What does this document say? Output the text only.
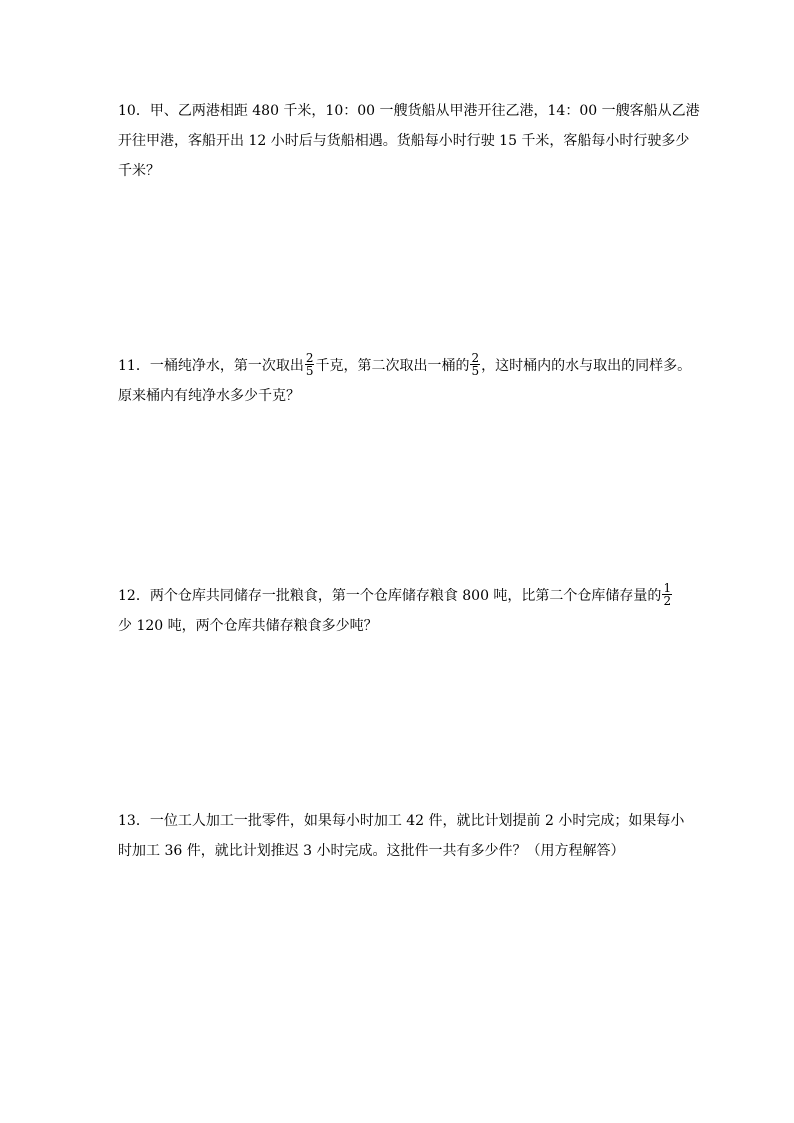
10．甲、乙两港相距 480 千米，10：00 一艘货船从甲港开往乙港，14：00 一艘客船从乙港
开往甲港，客船开出 12 小时后与货船相遇。货船每小时行驶 15 千米，客船每小时行驶多少
千米？
11．一桶纯净水，第一次取出 $\frac{2}{5}$ 千克，第二次取出一桶的 $\frac{2}{5}$ ，这时桶内的水与取出的同样多。
原来桶内有纯净水多少千克？
12．两个仓库共同储存一批粮食，第一个仓库储存粮食 800 吨，比第二个仓库储存量的 $\frac{1}{2}$
少 120 吨，两个仓库共储存粮食多少吨？
13．一位工人加工一批零件，如果每小时加工 42 件，就比计划提前 2 小时完成；如果每小
时加工 36 件，就比计划推迟 3 小时完成。这批件一共有多少件？（用方程解答）
